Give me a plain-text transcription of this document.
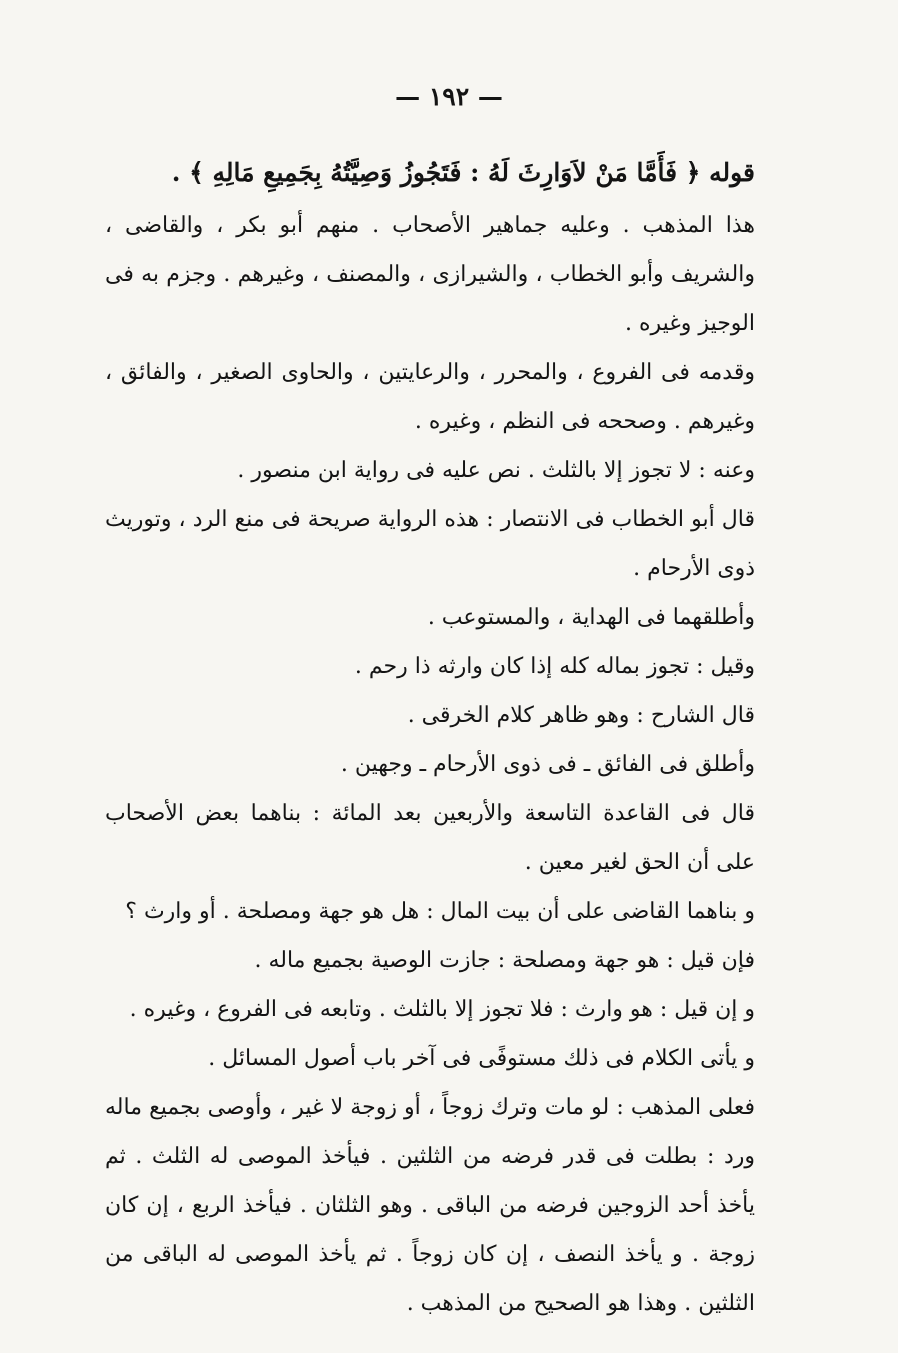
— ١٩٢ —

قوله ﴿ فَأَمَّا مَنْ لاَوَارِثَ لَهُ : فَتَجُوزُ وَصِيَّتُهُ بِجَمِيعِ مَالِهِ ﴾ .

هذا المذهب . وعليه جماهير الأصحاب . منهم أبو بكر ، والقاضى ، والشريف وأبو الخطاب ، والشيرازى ، والمصنف ، وغيرهم . وجزم به فى الوجيز وغيره .

وقدمه فى الفروع ، والمحرر ، والرعايتين ، والحاوى الصغير ، والفائق ، وغيرهم . وصححه فى النظم ، وغيره .

وعنه : لا تجوز إلا بالثلث . نص عليه فى رواية ابن منصور .

قال أبو الخطاب فى الانتصار : هذه الرواية صريحة فى منع الرد ، وتوريث ذوى الأرحام .

وأطلقهما فى الهداية ، والمستوعب .

وقيل : تجوز بماله كله إذا كان وارثه ذا رحم .

قال الشارح : وهو ظاهر كلام الخرقى .

وأطلق فى الفائق ـ فى ذوى الأرحام ـ وجهين .

قال فى القاعدة التاسعة والأربعين بعد المائة : بناهما بعض الأصحاب على أن الحق لغير معين .

و بناهما القاضى على أن بيت المال : هل هو جهة ومصلحة . أو وارث ؟

فإن قيل : هو جهة ومصلحة : جازت الوصية بجميع ماله .

و إن قيل : هو وارث : فلا تجوز إلا بالثلث . وتابعه فى الفروع ، وغيره .

و يأتى الكلام فى ذلك مستوفًى فى آخر باب أصول المسائل .

فعلى المذهب : لو مات وترك زوجاً ، أو زوجة لا غير ، وأوصى بجميع ماله ورد : بطلت فى قدر فرضه من الثلثين . فيأخذ الموصى له الثلث . ثم يأخذ أحد الزوجين فرضه من الباقى . وهو الثلثان . فيأخذ الربع ، إن كان زوجة . و يأخذ النصف ، إن كان زوجاً . ثم يأخذ الموصى له الباقى من الثلثين . وهذا هو الصحيح من المذهب .
